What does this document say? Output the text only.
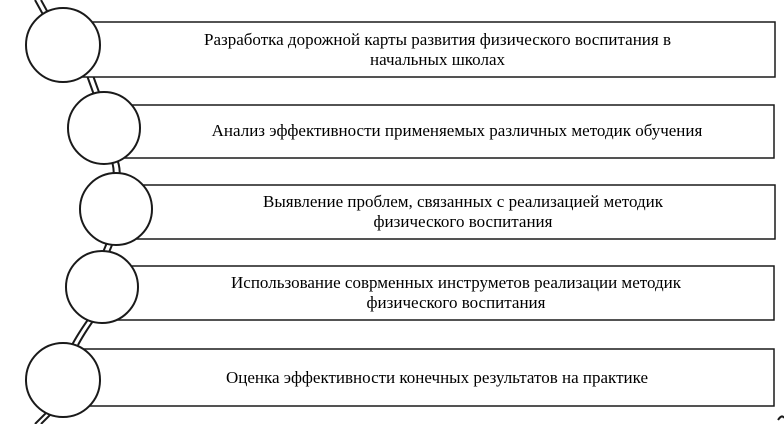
Разработка дорожной карты развития физического воспитания в
начальных школах
Анализ эффективности применяемых различных методик обучения
Выявление проблем, связанных с реализацией методик
физического воспитания
Использование соврменных инструметов реализации методик
физического воспитания
Оценка эффективности конечных результатов на практике
